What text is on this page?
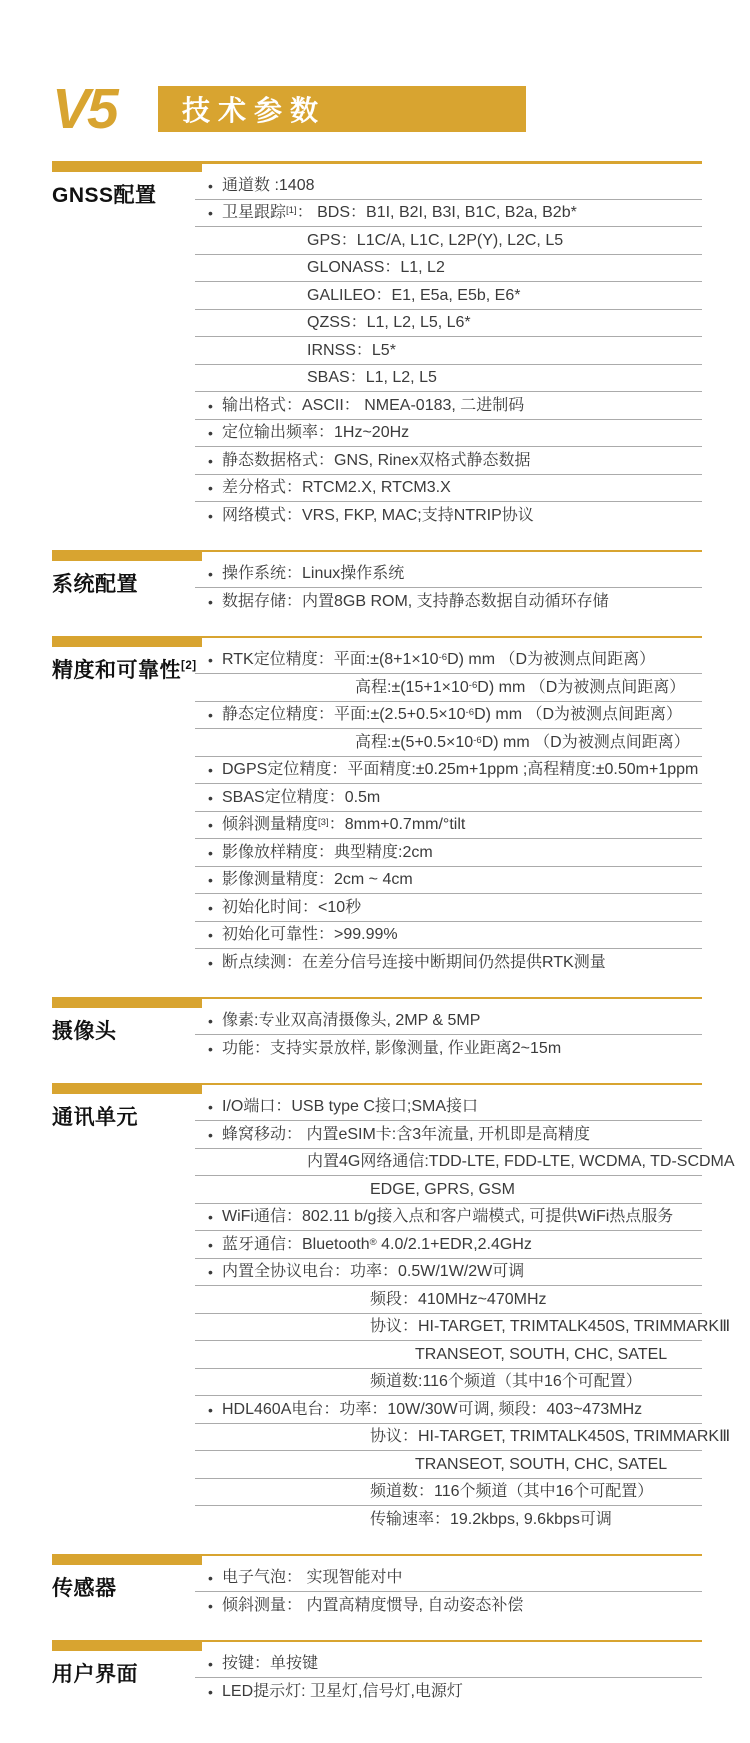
V5	技术参数
GNSS配置	• 通道数 :1408
• 卫星跟踪[1]： BDS：B1I, B2I, B3I, B1C, B2a, B2b*
GPS：L1C/A, L1C, L2P(Y), L2C, L5
GLONASS：L1, L2
GALILEO：E1, E5a, E5b, E6*
QZSS：L1, L2, L5, L6*
IRNSS：L5*
SBAS：L1, L2, L5
• 输出格式：ASCII： NMEA-0183, 二进制码
• 定位输出频率：1Hz~20Hz
• 静态数据格式：GNS, Rinex双格式静态数据
• 差分格式：RTCM2.X, RTCM3.X
• 网络模式：VRS, FKP, MAC;支持NTRIP协议
系统配置	• 操作系统：Linux操作系统
• 数据存储：内置8GB ROM, 支持静态数据自动循环存储
精度和可靠性[2] • RTK定位精度：平面$:\pm(8+1\times 10^{-6}D)$ mm （D为被测点间距离）
高程$:\pm(15+1\times 10^{-6}D)$ mm （D为被测点间距离）
• 静态定位精度：平面$:\pm(2.5+0.5\times 10^{-6}D)$ mm （D为被测点间距离）
高程$:\pm(5+0.5\times 10^{-6}D)$ mm （D为被测点间距离）
• DGPS定位精度：平面精度:±0.25m+1ppm ;高程精度:±0.50m+1ppm
• SBAS定位精度：0.5m
• 倾斜测量精度[3]：8mm+0.7mm/°tilt
• 影像放样精度：典型精度:2cm
• 影像测量精度：2cm ~ 4cm
• 初始化时间：<10秒
• 初始化可靠性：>99.99%
• 断点续测：在差分信号连接中断期间仍然提供RTK测量
摄像头	• 像素:专业双高清摄像头, 2MP & 5MP
• 功能：支持实景放样, 影像测量, 作业距离2~15m
通讯单元	• I/O端口：USB type C接口;SMA接口
• 蜂窝移动： 内置eSIM卡:含3年流量, 开机即是高精度
内置4G网络通信:TDD-LTE, FDD-LTE, WCDMA, TD-SCDMA
EDGE, GPRS, GSM
• WiFi通信：802.11 b/g接入点和客户端模式, 可提供WiFi热点服务
• 蓝牙通信：Bluetooth® 4.0/2.1+EDR,2.4GHz
• 内置全协议电台：功率：0.5W/1W/2W可调
频段：410MHz~470MHz
协议：HI-TARGET, TRIMTALK450S, TRIMMARKⅢ
TRANSEOT, SOUTH, CHC, SATEL
频道数:116个频道（其中16个可配置）
• HDL460A电台：功率：10W/30W可调, 频段：403~473MHz
协议：HI-TARGET, TRIMTALK450S, TRIMMARKⅢ
TRANSEOT, SOUTH, CHC, SATEL
频道数：116个频道（其中16个可配置）
传输速率：19.2kbps, 9.6kbps可调
传感器	• 电子气泡： 实现智能对中
• 倾斜测量： 内置高精度惯导, 自动姿态补偿
用户界面	• 按键：单按键
• LED提示灯: 卫星灯,信号灯,电源灯
